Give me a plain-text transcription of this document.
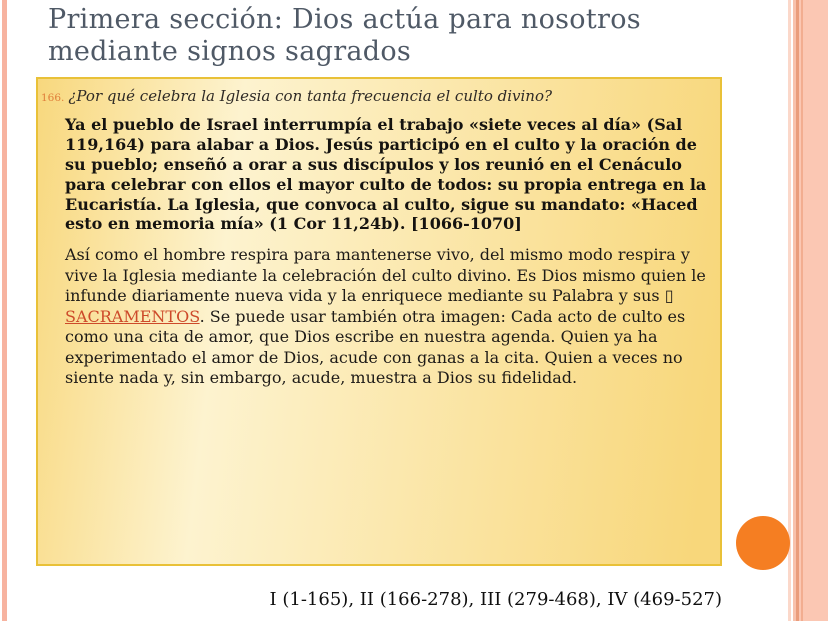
Primera sección: Dios actúa para nosotros mediante signos sagrados

166. ¿Por qué celebra la Iglesia con tanta frecuencia el culto divino?

Ya el pueblo de Israel interrumpía el trabajo «siete veces al día» (Sal 119,164) para alabar a Dios. Jesús participó en el culto y la oración de su pueblo; enseñó a orar a sus discípulos y los reunió en el Cenáculo para celebrar con ellos el mayor culto de todos: su propia entrega en la Eucaristía. La Iglesia, que convoca al culto, sigue su mandato: «Haced esto en memoria mía» (1 Cor 11,24b). [1066-1070]

Así como el hombre respira para mantenerse vivo, del mismo modo respira y vive la Iglesia mediante la celebración del culto divino. Es Dios mismo quien le infunde diariamente nueva vida y la enriquece mediante su Palabra y sus ▯ SACRAMENTOS. Se puede usar también otra imagen: Cada acto de culto es como una cita de amor, que Dios escribe en nuestra agenda. Quien ya ha experimentado el amor de Dios, acude con ganas a la cita. Quien a veces no siente nada y, sin embargo, acude, muestra a Dios su fidelidad.

I (1-165), II (166-278), III (279-468), IV (469-527)
